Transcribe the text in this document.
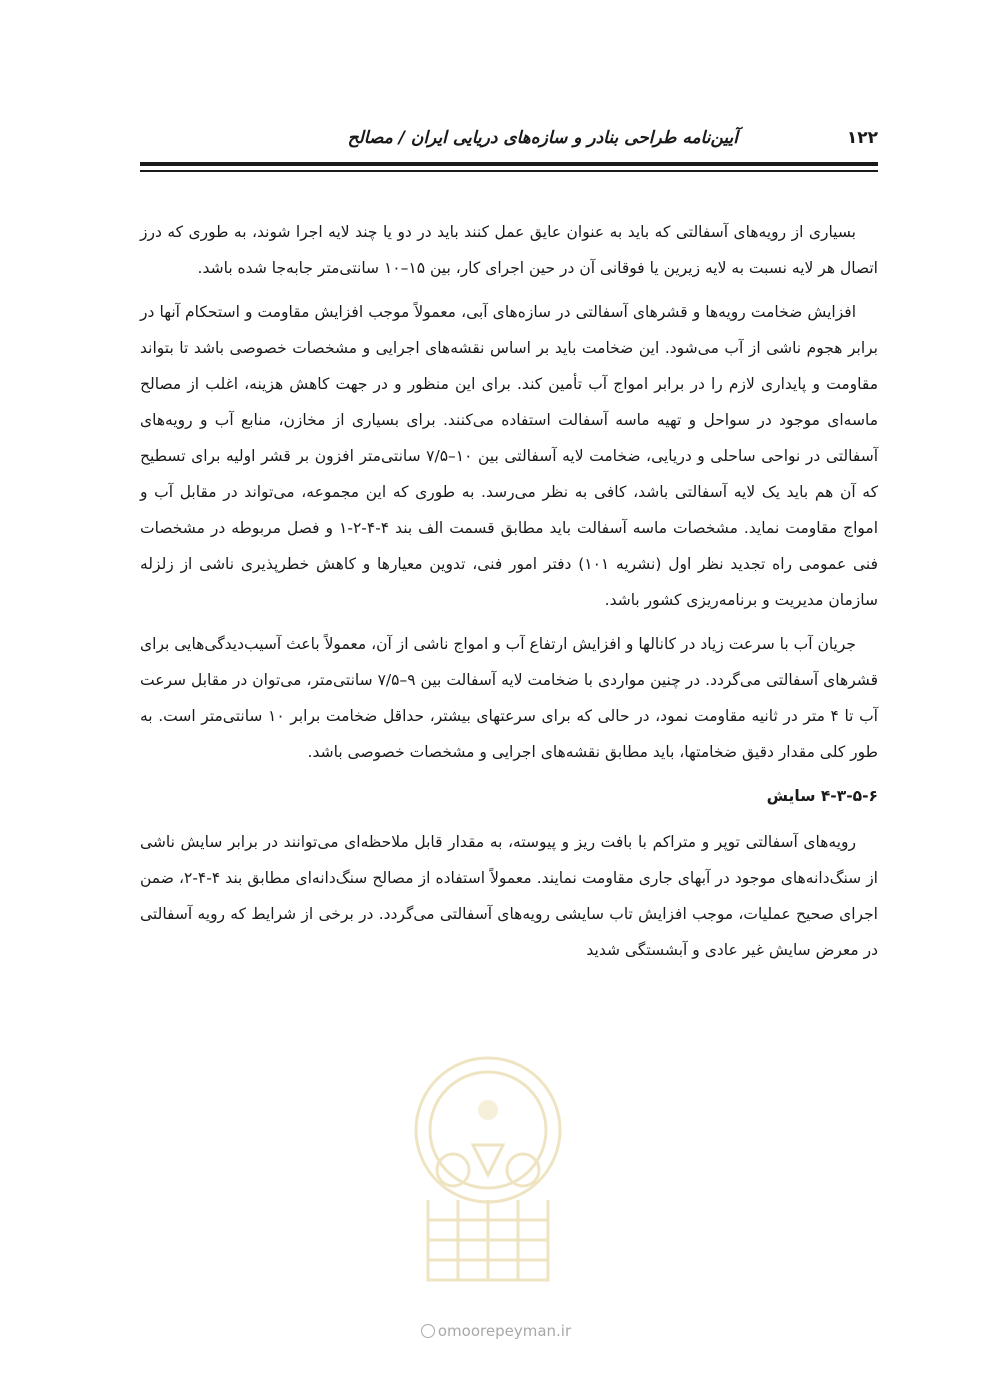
۱۲۲
آیین‌نامه طراحی بنادر و سازه‌های دریایی ایران / مصالح

بسیاری از رویه‌های آسفالتی که باید به عنوان عایق عمل کنند باید در دو یا چند لایه اجرا شوند، به طوری که درز اتصال هر لایه نسبت به لایه زیرین یا فوقانی آن در حین اجرای کار، بین ۱۵–۱۰ سانتی‌متر جابه‌جا شده باشد.

افزایش ضخامت رویه‌ها و قشرهای آسفالتی در سازه‌های آبی، معمولاً موجب افزایش مقاومت و استحکام آنها در برابر هجوم ناشی از آب می‌شود. این ضخامت باید بر اساس نقشه‌های اجرایی و مشخصات خصوصی باشد تا بتواند مقاومت و پایداری لازم را در برابر امواج آب تأمین کند. برای این منظور و در جهت کاهش هزینه، اغلب از مصالح ماسه‌ای موجود در سواحل و تهیه ماسه آسفالت استفاده می‌کنند. برای بسیاری از مخازن، منابع آب و رویه‌های آسفالتی در نواحی ساحلی و دریایی، ضخامت لایه آسفالتی بین ۱۰–۷/۵ سانتی‌متر افزون بر قشر اولیه برای تسطیح که آن هم باید یک لایه آسفالتی باشد، کافی به نظر می‌رسد. به طوری که این مجموعه، می‌تواند در مقابل آب و امواج مقاومت نماید. مشخصات ماسه آسفالت باید مطابق قسمت الف بند ۴-۴-۲-۱ و فصل مربوطه در مشخصات فنی عمومی راه تجدید نظر اول (نشریه ۱۰۱) دفتر امور فنی، تدوین معیارها و کاهش خطرپذیری ناشی از زلزله سازمان مدیریت و برنامه‌ریزی کشور باشد.

جریان آب با سرعت زیاد در کانالها و افزایش ارتفاع آب و امواج ناشی از آن، معمولاً باعث آسیب‌دیدگی‌هایی برای قشرهای آسفالتی می‌گردد. در چنین مواردی با ضخامت لایه آسفالت بین ۹–۷/۵ سانتی‌متر، می‌توان در مقابل سرعت آب تا ۴ متر در ثانیه مقاومت نمود، در حالی که برای سرعتهای بیشتر، حداقل ضخامت برابر ۱۰ سانتی‌متر است. به طور کلی مقدار دقیق ضخامتها، باید مطابق نقشه‌های اجرایی و مشخصات خصوصی باشد.

۴-۳-۵-۶ سایش

رویه‌های آسفالتی توپر و متراکم با بافت ریز و پیوسته، به مقدار قابل ملاحظه‌ای می‌توانند در برابر سایش ناشی از سنگ‌دانه‌های موجود در آبهای جاری مقاومت نمایند. معمولاً استفاده از مصالح سنگ‌دانه‌ای مطابق بند ۴-۴-۲، ضمن اجرای صحیح عملیات، موجب افزایش تاب سایشی رویه‌های آسفالتی می‌گردد. در برخی از شرایط که رویه آسفالتی در معرض سایش غیر عادی و آبشستگی شدید

omoorepeyman.ir
